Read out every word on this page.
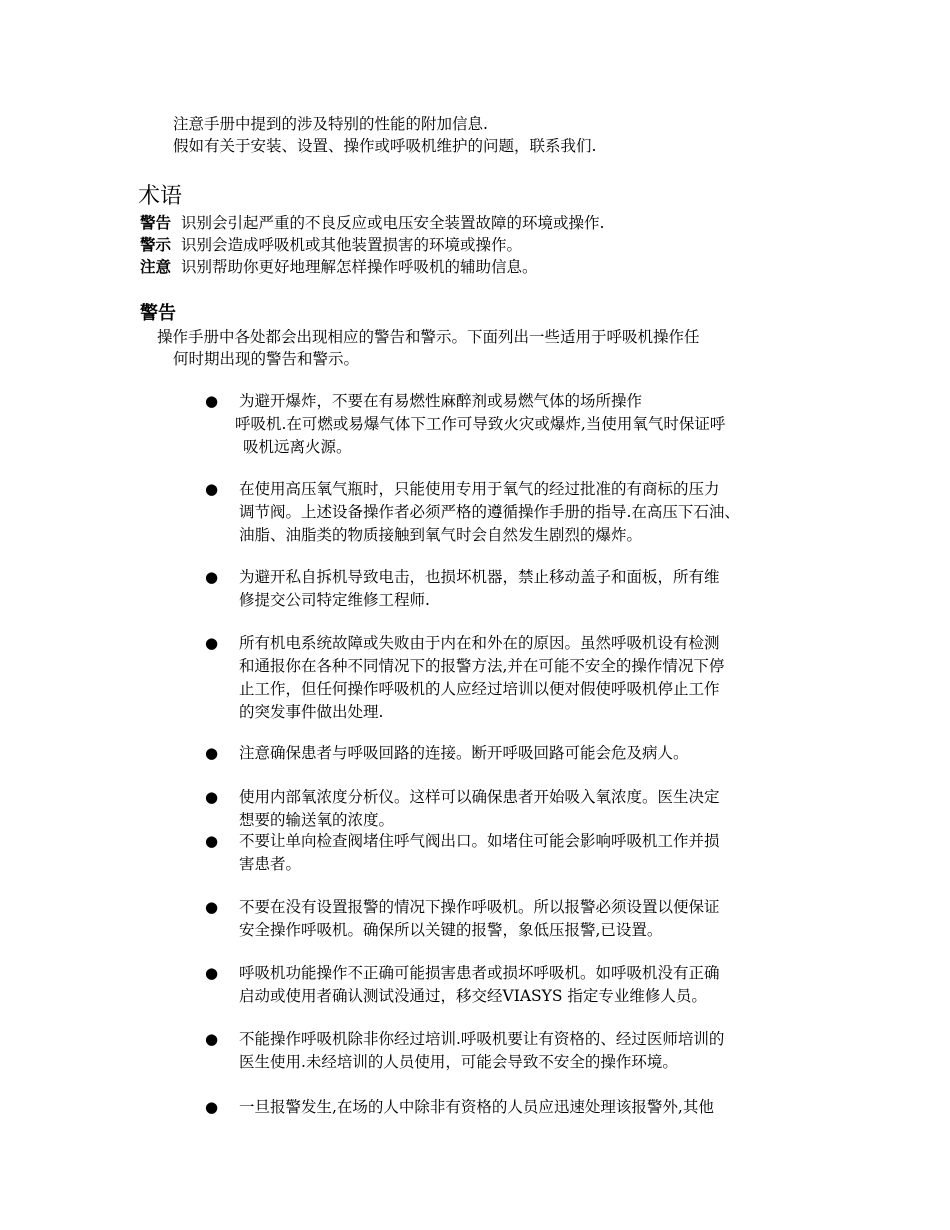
注意手册中提到的涉及特别的性能的附加信息.
假如有关于安装、设置、操作或呼吸机维护的问题，联系我们.
术语
警告 识别会引起严重的不良反应或电压安全装置故障的环境或操作.
警示 识别会造成呼吸机或其他装置损害的环境或操作。
注意 识别帮助你更好地理解怎样操作呼吸机的辅助信息。
警告
操作手册中各处都会出现相应的警告和警示。下面列出一些适用于呼吸机操作任
何时期出现的警告和警示。
● 为避开爆炸，不要在有易燃性麻醉剂或易燃气体的场所操作
呼吸机.在可燃或易爆气体下工作可导致火灾或爆炸,当使用氧气时保证呼
吸机远离火源。
● 在使用高压氧气瓶时，只能使用专用于氧气的经过批准的有商标的压力
调节阀。上述设备操作者必须严格的遵循操作手册的指导.在高压下石油、
油脂、油脂类的物质接触到氧气时会自然发生剧烈的爆炸。
● 为避开私自拆机导致电击，也损坏机器，禁止移动盖子和面板，所有维
修提交公司特定维修工程师.
● 所有机电系统故障或失败由于内在和外在的原因。虽然呼吸机设有检测
和通报你在各种不同情况下的报警方法,并在可能不安全的操作情况下停
止工作，但任何操作呼吸机的人应经过培训以便对假使呼吸机停止工作
的突发事件做出处理.
● 注意确保患者与呼吸回路的连接。断开呼吸回路可能会危及病人。
● 使用内部氧浓度分析仪。这样可以确保患者开始吸入氧浓度。医生决定
想要的输送氧的浓度。
● 不要让单向检查阀堵住呼气阀出口。如堵住可能会影响呼吸机工作并损
害患者。
● 不要在没有设置报警的情况下操作呼吸机。所以报警必须设置以便保证
安全操作呼吸机。确保所以关键的报警，象低压报警,已设置。
● 呼吸机功能操作不正确可能损害患者或损坏呼吸机。如呼吸机没有正确
启动或使用者确认测试没通过，移交经VIASYS 指定专业维修人员。
● 不能操作呼吸机除非你经过培训.呼吸机要让有资格的、经过医师培训的
医生使用.未经培训的人员使用，可能会导致不安全的操作环境。
● 一旦报警发生,在场的人中除非有资格的人员应迅速处理该报警外,其他
